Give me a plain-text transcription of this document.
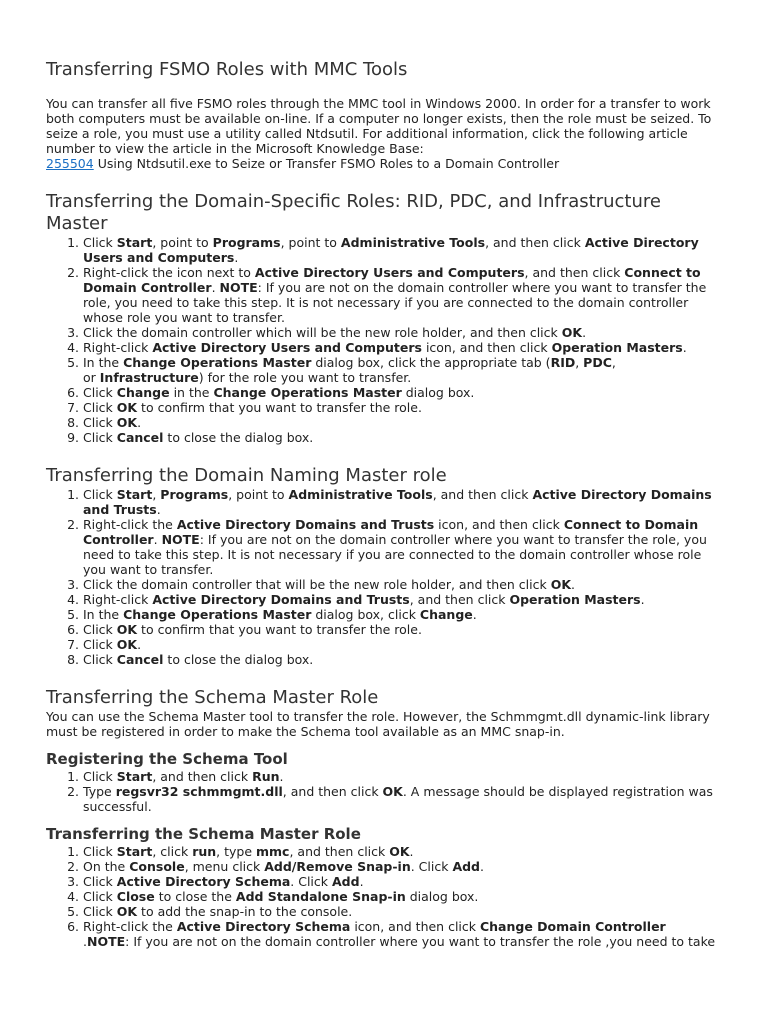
Transferring FSMO Roles with MMC Tools

You can transfer all five FSMO roles through the MMC tool in Windows 2000. In order for a transfer to work both computers must be available on-line. If a computer no longer exists, then the role must be seized. To seize a role, you must use a utility called Ntdsutil. For additional information, click the following article number to view the article in the Microsoft Knowledge Base:

255504 Using Ntdsutil.exe to Seize or Transfer FSMO Roles to a Domain Controller

Transferring the Domain-Specific Roles: RID, PDC, and Infrastructure Master
1. Click Start, point to Programs, point to Administrative Tools, and then click Active Directory Users and Computers.
2. Right-click the icon next to Active Directory Users and Computers, and then click Connect to Domain Controller. NOTE: If you are not on the domain controller where you want to transfer the role, you need to take this step. It is not necessary if you are connected to the domain controller whose role you want to transfer.
3. Click the domain controller which will be the new role holder, and then click OK.
4. Right-click Active Directory Users and Computers icon, and then click Operation Masters.
5. In the Change Operations Master dialog box, click the appropriate tab (RID, PDC,
or Infrastructure) for the role you want to transfer.
6. Click Change in the Change Operations Master dialog box.
7. Click OK to confirm that you want to transfer the role.
8. Click OK.
9. Click Cancel to close the dialog box.
Transferring the Domain Naming Master role
1. Click Start, Programs, point to Administrative Tools, and then click Active Directory Domains and Trusts.
2. Right-click the Active Directory Domains and Trusts icon, and then click Connect to Domain Controller. NOTE: If you are not on the domain controller where you want to transfer the role, you need to take this step. It is not necessary if you are connected to the domain controller whose role you want to transfer.
3. Click the domain controller that will be the new role holder, and then click OK.
4. Right-click Active Directory Domains and Trusts, and then click Operation Masters.
5. In the Change Operations Master dialog box, click Change.
6. Click OK to confirm that you want to transfer the role.
7. Click OK.
8. Click Cancel to close the dialog box.
Transferring the Schema Master Role

You can use the Schema Master tool to transfer the role. However, the Schmmgmt.dll dynamic-link library must be registered in order to make the Schema tool available as an MMC snap-in.

Registering the Schema Tool
1. Click Start, and then click Run.
2. Type regsvr32 schmmgmt.dll, and then click OK. A message should be displayed registration was successful.
Transferring the Schema Master Role
1. Click Start, click run, type mmc, and then click OK.
2. On the Console, menu click Add/Remove Snap-in. Click Add.
3. Click Active Directory Schema. Click Add.
4. Click Close to close the Add Standalone Snap-in dialog box.
5. Click OK to add the snap-in to the console.
6. Right-click the Active Directory Schema icon, and then click Change Domain Controller
.NOTE: If you are not on the domain controller where you want to transfer the role ,you need to take
